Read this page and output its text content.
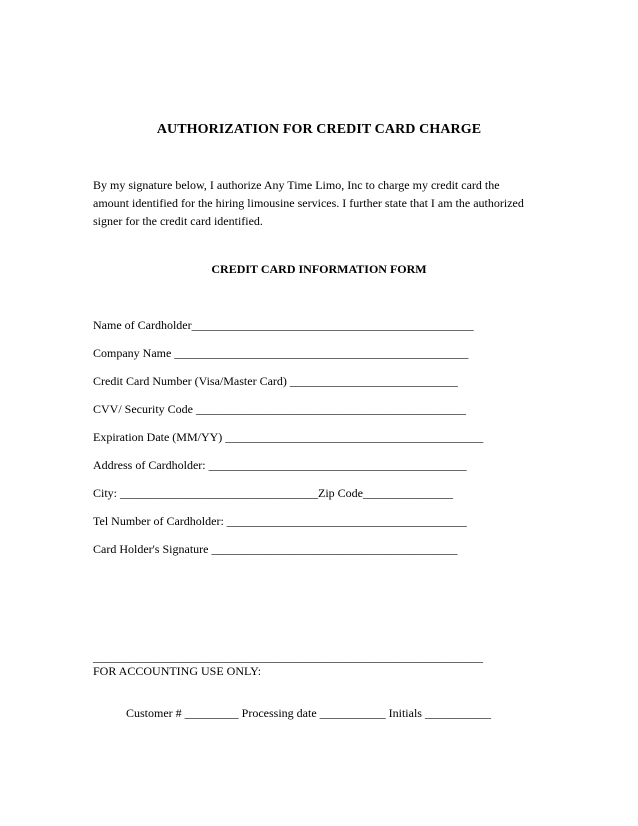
AUTHORIZATION FOR CREDIT CARD CHARGE
By my signature below, I authorize Any Time Limo, Inc to charge my credit card the
amount identified for the hiring limousine services. I further state that I am the authorized
signer for the credit card identified.
CREDIT CARD INFORMATION FORM
Name of Cardholder_______________________________________________
Company Name _________________________________________________
Credit Card Number (Visa/Master Card) ____________________________
CVV/ Security Code _____________________________________________
Expiration Date (MM/YY) ___________________________________________
Address of Cardholder: ___________________________________________
City: _________________________________Zip Code_______________
Tel Number of Cardholder: ________________________________________
Card Holder's Signature _________________________________________
_________________________________________________________________
FOR ACCOUNTING USE ONLY:
Customer # _________ Processing date ___________ Initials ___________
